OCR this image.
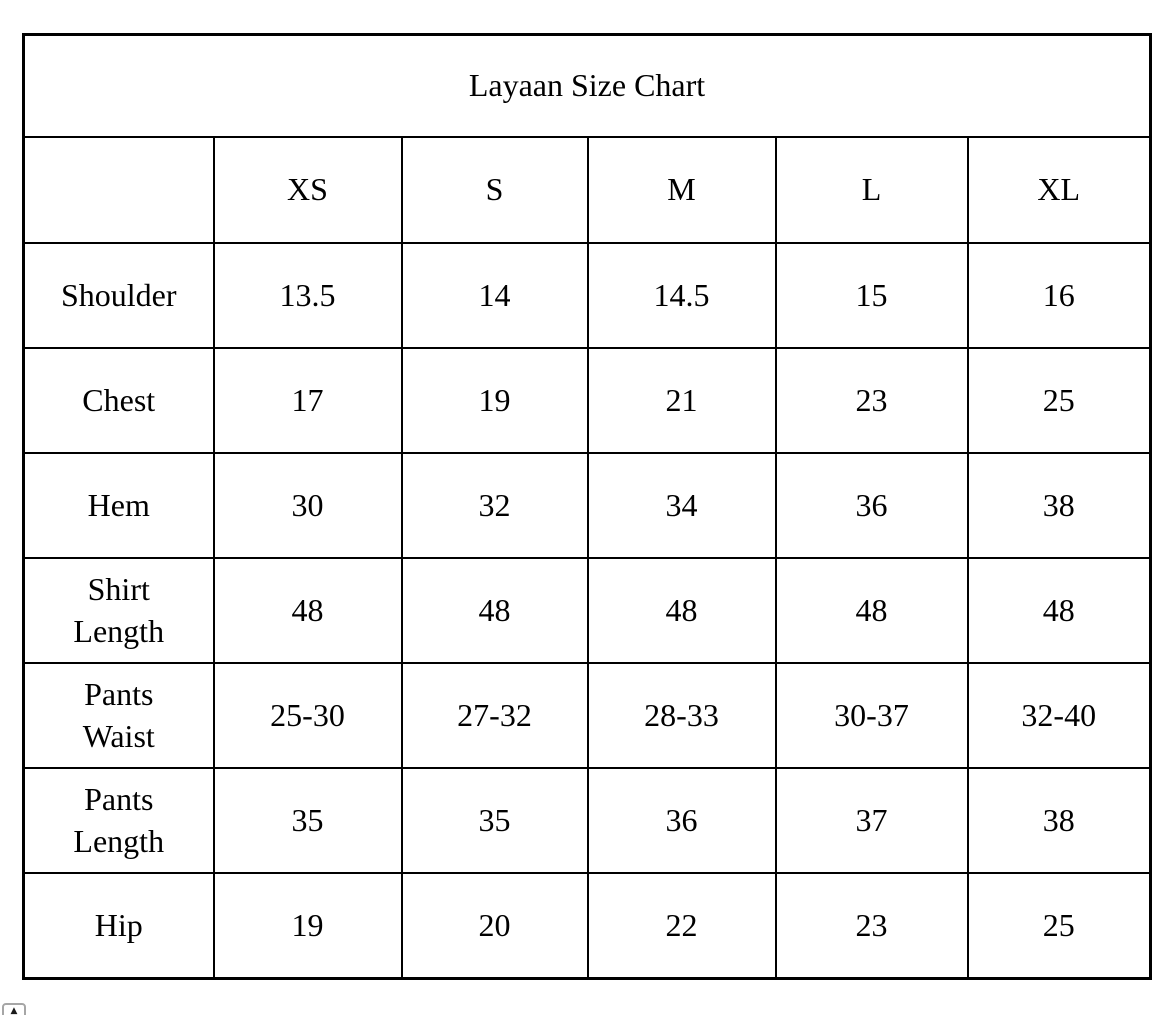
Layaan Size Chart					
	XS	S	M	L	XL
Shoulder	13.5	14	14.5	15	16
Chest	17	19	21	23	25
Hem	30	32	34	36	38
Shirt Length	48	48	48	48	48
Pants Waist	25-30	27-32	28-33	30-37	32-40
Pants Length	35	35	36	37	38
Hip	19	20	22	23	25
▲
